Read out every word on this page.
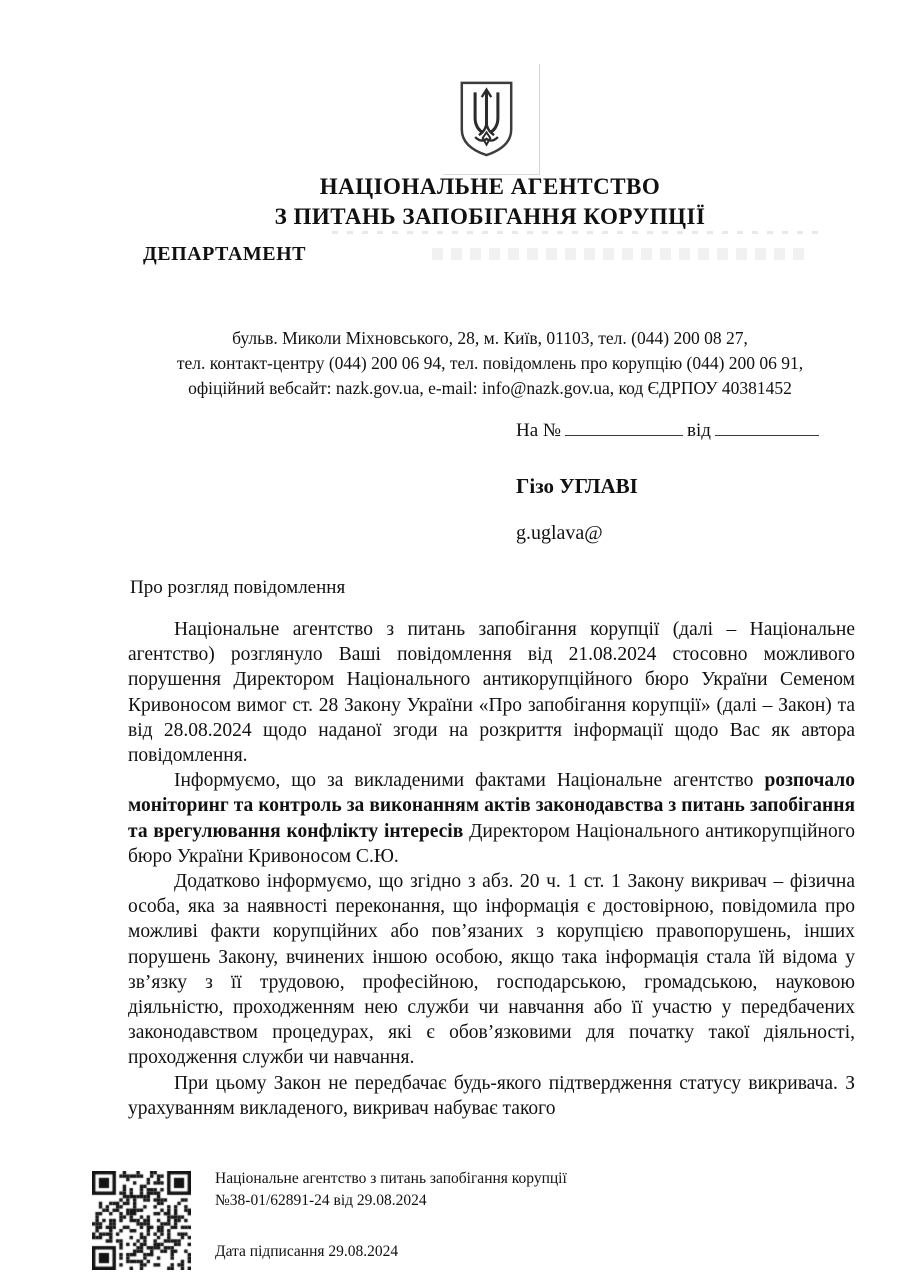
НАЦІОНАЛЬНЕ АГЕНТСТВО
З ПИТАНЬ ЗАПОБІГАННЯ КОРУПЦІЇ
ДЕПАРТАМЕНТ
бульв. Миколи Міхновського, 28, м. Київ, 01103, тел. (044) 200 08 27,
тел. контакт-центру (044) 200 06 94, тел. повідомлень про корупцію (044) 200 06 91,
офіційний вебсайт: nazk.gov.ua, e-mail: info@nazk.gov.ua, код ЄДРПОУ 40381452
На №	від
Гізо УГЛАВІ
g.uglava@
Про розгляд повідомлення

Національне агентство з питань запобігання корупції (далі – Національне агентство) розглянуло Ваші повідомлення від 21.08.2024 стосовно можливого порушення Директором Національного антикорупційного бюро України Семеном Кривоносом вимог ст. 28 Закону України «Про запобігання корупції» (далі – Закон) та від 28.08.2024 щодо наданої згоди на розкриття інформації щодо Вас як автора повідомлення.

Інформуємо, що за викладеними фактами Національне агентство розпочало моніторинг та контроль за виконанням актів законодавства з питань запобігання та врегулювання конфлікту інтересів Директором Національного антикорупційного бюро України Кривоносом С.Ю.

Додатково інформуємо, що згідно з абз. 20 ч. 1 ст. 1 Закону викривач – фізична особа, яка за наявності переконання, що інформація є достовірною, повідомила про можливі факти корупційних або пов’язаних з корупцією правопорушень, інших порушень Закону, вчинених іншою особою, якщо така інформація стала їй відома у зв’язку з її трудовою, професійною, господарською, громадською, науковою діяльністю, проходженням нею служби чи навчання або її участю у передбачених законодавством процедурах, які є обов’язковими для початку такої діяльності, проходження служби чи навчання.

При цьому Закон не передбачає будь-якого підтвердження статусу викривача. З урахуванням викладеного, викривач набуває такого

Національне агентство з питань запобігання корупції
№38-01/62891-24 від 29.08.2024
Дата підписання 29.08.2024
